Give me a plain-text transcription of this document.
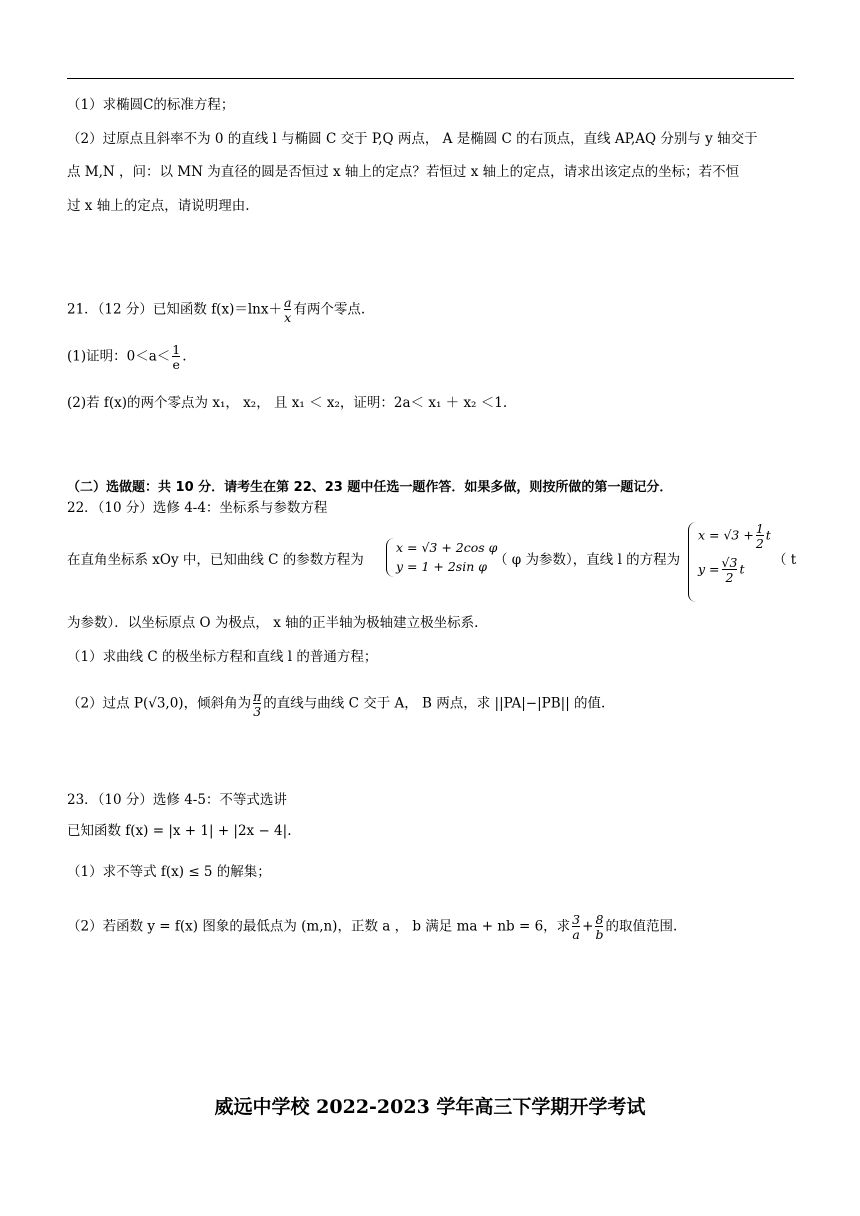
（1）求椭圆C的标准方程；
（2）过原点且斜率不为 0 的直线 l 与椭圆 C 交于 P,Q 两点， A 是椭圆 C 的右顶点，直线 AP,AQ 分别与 y 轴交于
点 M,N ，问：以 MN 为直径的圆是否恒过 x 轴上的定点？若恒过 x 轴上的定点，请求出该定点的坐标；若不恒
过 x 轴上的定点，请说明理由.
21．（12 分）已知函数 $f(x)=\ln x+ \frac{a}{x}$ 有两个零点.
(1)证明：$0<a< \frac{1}{e}$ .
(2)若 f(x)的两个零点为 x₁， x₂， 且 x₁ ＜ x₂，证明：2a＜ x₁ ＋ x₂ ＜1.
（二）选做题：共 10 分．请考生在第 22、23 题中任选一题作答．如果多做，则按所做的第一题记分．
22．（10 分）选修 4-4：坐标系与参数方程
在直角坐标系 xOy 中，已知曲线 C 的参数方程为
x = √3 + 2cos φ
y = 1 + 2sin φ （ φ 为参数），直线 l 的方程为
$x = √3 + \frac{1}{2}$ t
$y = \frac{√3}{2}$ t
（ t
为参数）．以坐标原点 O 为极点， x 轴的正半轴为极轴建立极坐标系.
（1）求曲线 C 的极坐标方程和直线 l 的普通方程；
（2）过点 P(√3,0)，倾斜角为 $\frac{\pi}{3}$ 的直线与曲线 C 交于 A， B 两点，求 ||PA|−|PB|| 的值.
23．（10 分）选修 4-5：不等式选讲
已知函数 f(x) = |x + 1| + |2x − 4|.
（1）求不等式 f(x) ≤ 5 的解集；
（2）若函数 y = f(x) 图象的最低点为 (m,n)，正数 a ， b 满足 ma + nb = 6，求 $\frac{3}{a} + \frac{8}{b}$ 的取值范围.
威远中学校 2022-2023 学年高三下学期开学考试
